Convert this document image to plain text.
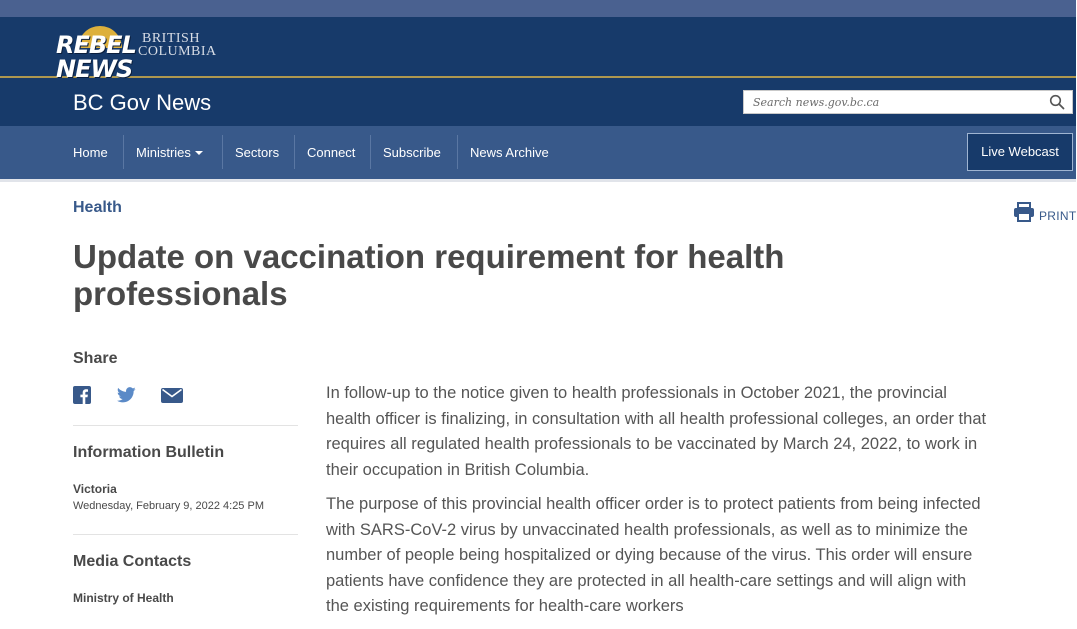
REBEL
NEWS
BRITISH
COLUMBIA
BC Gov News
Search news.gov.bc.ca
Home Ministries	Sectors Connect Subscribe News Archive	Live Webcast
Health	PRINT
Update on vaccination requirement for health professionals
Share
Information Bulletin
Victoria
Wednesday, February 9, 2022 4:25 PM
Media Contacts
Ministry of Health

In follow-up to the notice given to health professionals in October 2021, the provincial health officer is finalizing, in consultation with all health professional colleges, an order that requires all regulated health professionals to be vaccinated by March 24, 2022, to work in their occupation in British Columbia.

The purpose of this provincial health officer order is to protect patients from being infected with SARS-CoV-2 virus by unvaccinated health professionals, as well as to minimize the number of people being hospitalized or dying because of the virus. This order will ensure patients have confidence they are protected in all health-care settings and will align with the existing requirements for health-care workers
